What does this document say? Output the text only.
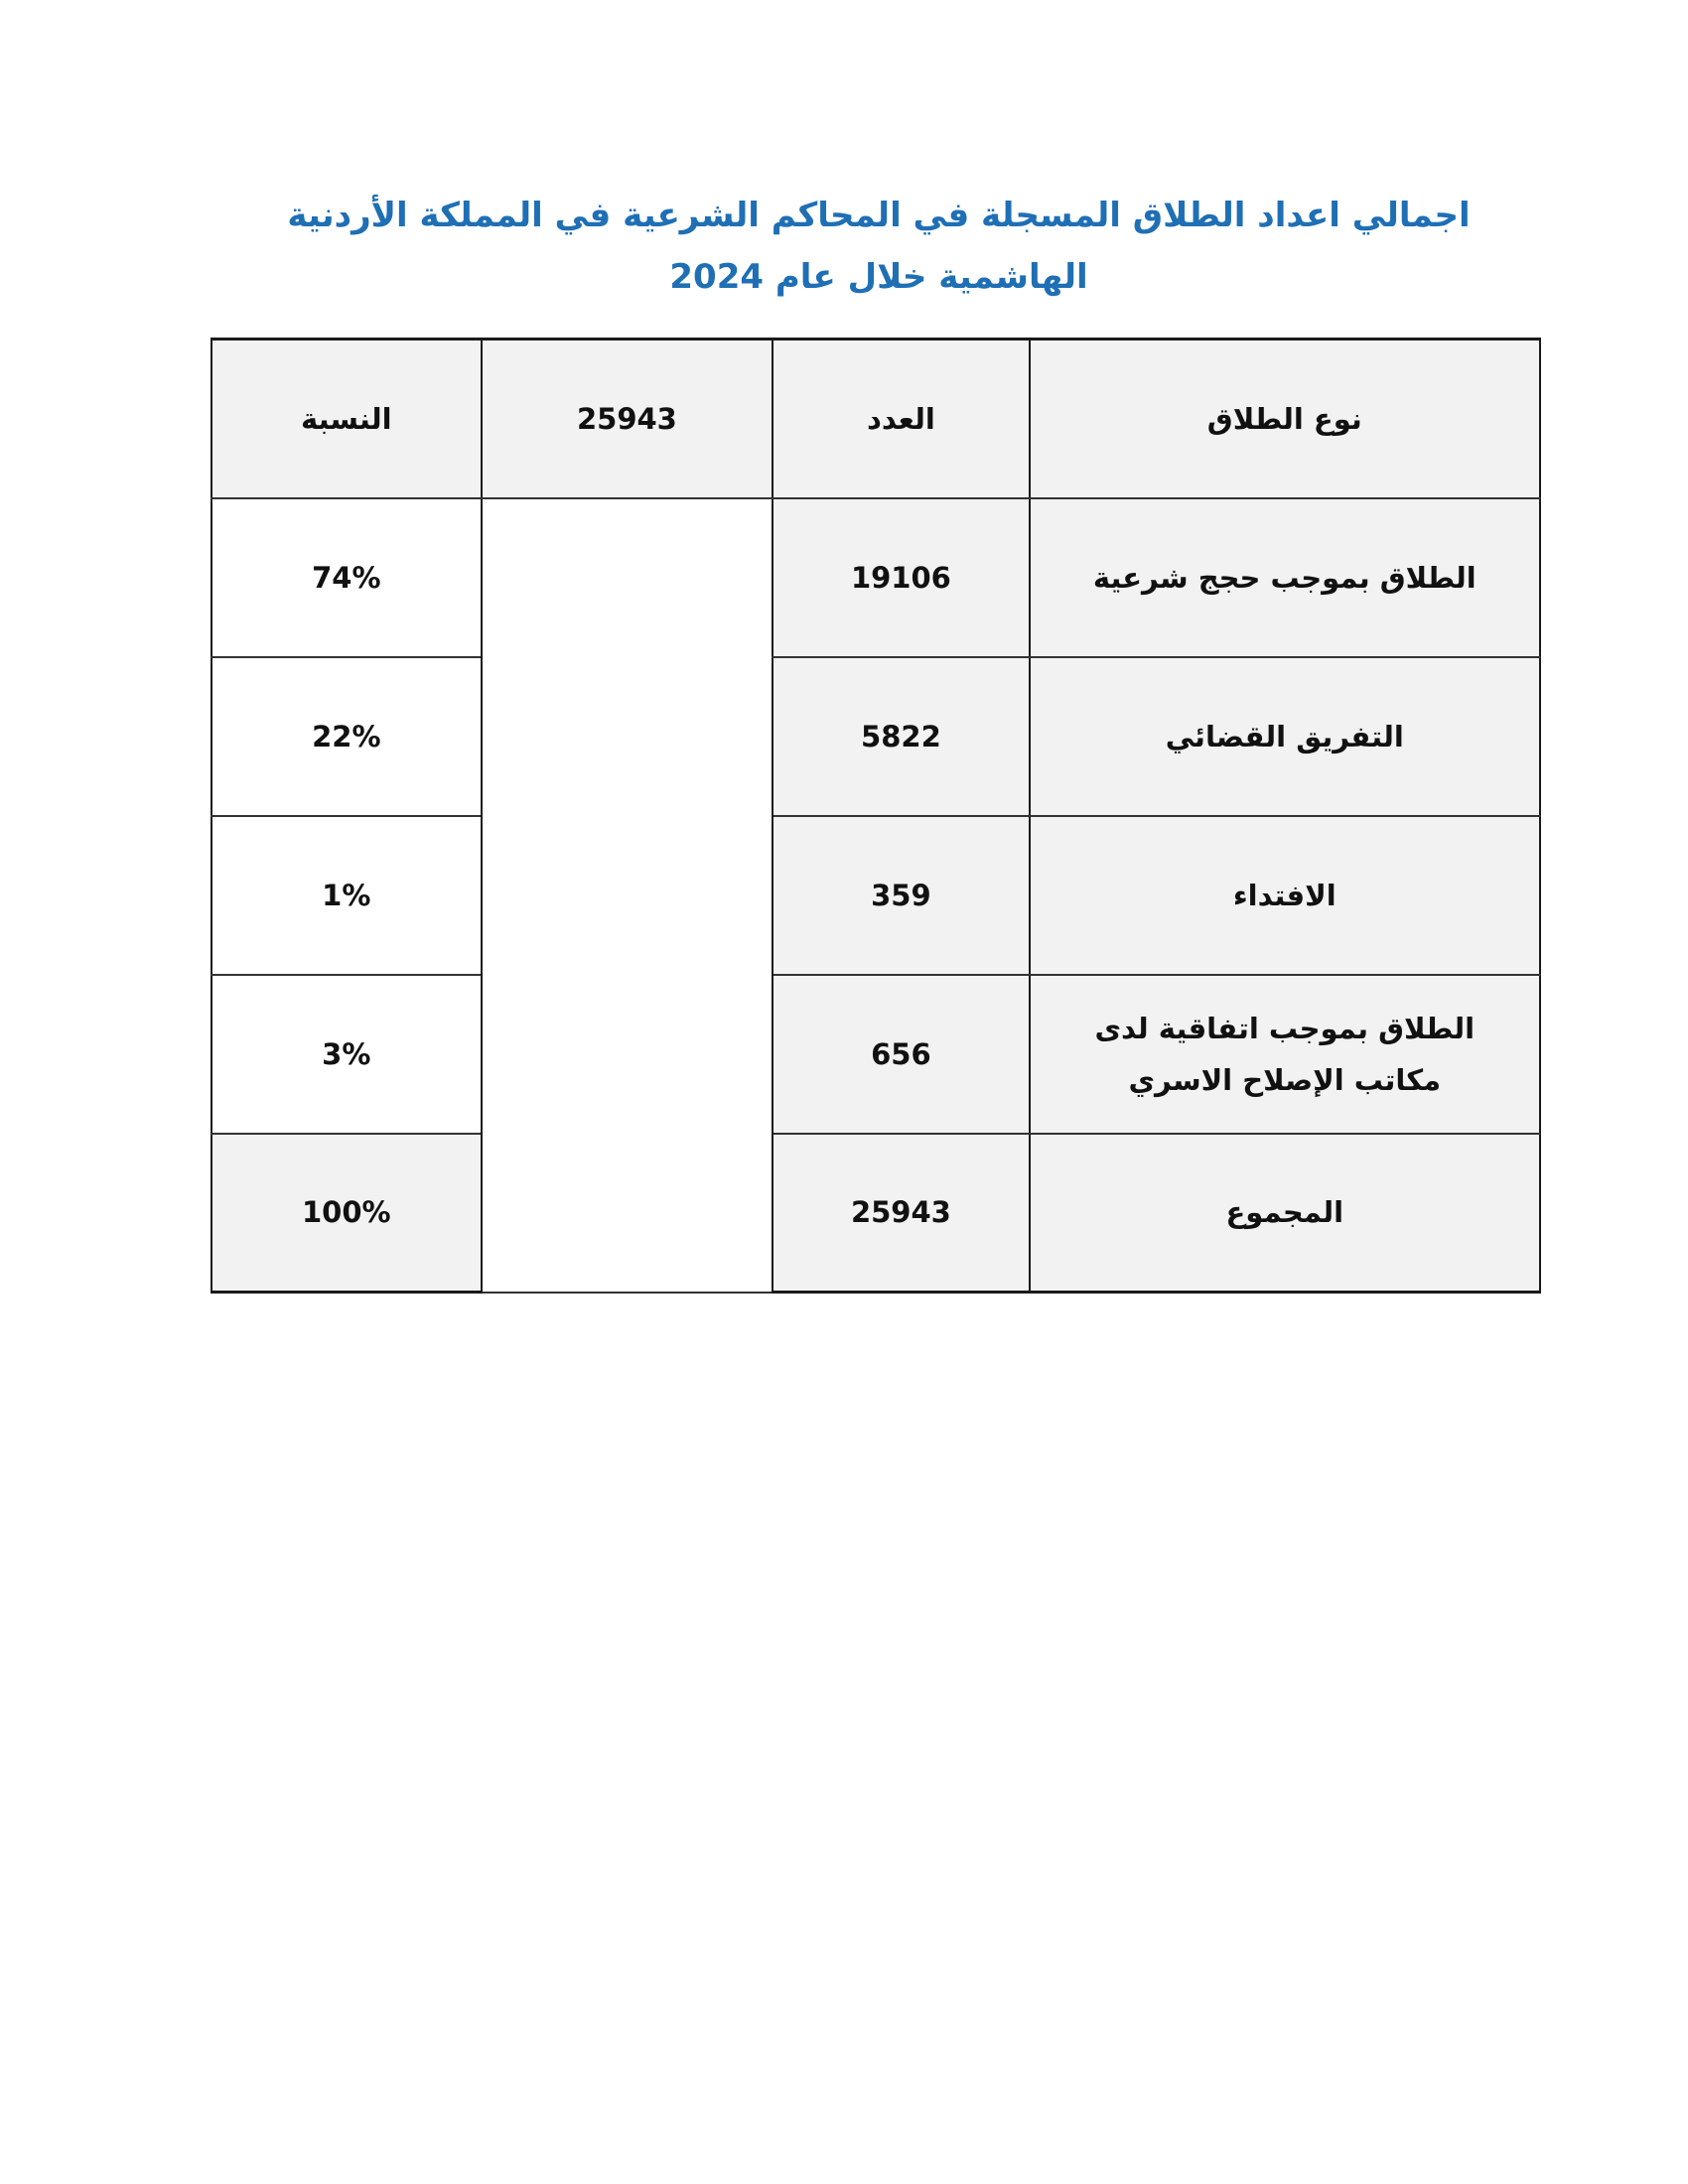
اجمالي اعداد الطلاق المسجلة في المحاكم الشرعية في المملكة الأردنية الهاشمية خلال عام 2024
نوع الطلاق	العدد	25943	النسبة
الطلاق بموجب حجج شرعية	19106		74%
التفريق القضائي	5822		22%
الافتداء	359		1%
الطلاق بموجب اتفاقية لدى مكاتب الإصلاح الاسري	656		3%
المجموع	25943		100%
